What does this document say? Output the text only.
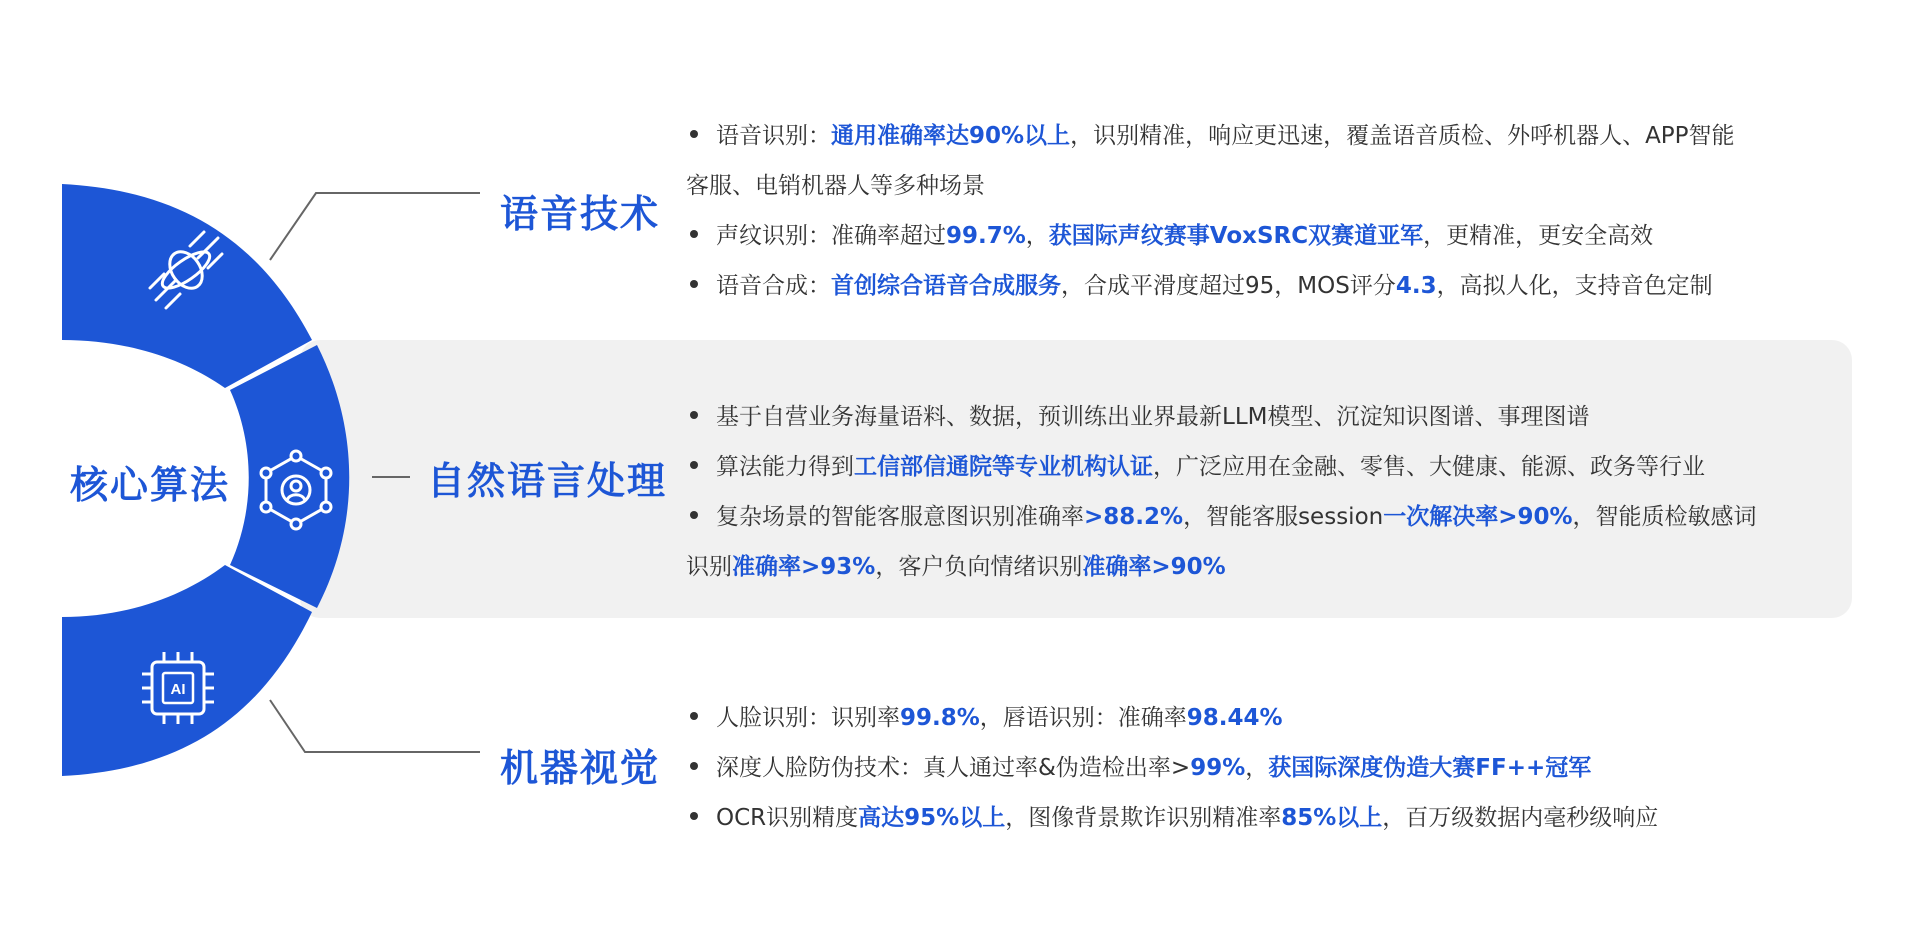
AI
核心算法
语音技术
自然语言处理
机器视觉
语音识别：通用准确率达90%以上，识别精准，响应更迅速，覆盖语音质检、外呼机器人、APP智能
客服、电销机器人等多种场景
声纹识别：准确率超过99.7%，获国际声纹赛事VoxSRC双赛道亚军，更精准，更安全高效
语音合成：首创综合语音合成服务，合成平滑度超过95，MOS评分4.3，高拟人化，支持音色定制
基于自营业务海量语料、数据，预训练出业界最新LLM模型、沉淀知识图谱、事理图谱
算法能力得到工信部信通院等专业机构认证，广泛应用在金融、零售、大健康、能源、政务等行业
复杂场景的智能客服意图识别准确率>88.2%，智能客服session一次解决率>90%，智能质检敏感词
识别准确率>93%，客户负向情绪识别准确率>90%
人脸识别：识别率99.8%，唇语识别：准确率98.44%
深度人脸防伪技术：真人通过率&伪造检出率>99%，获国际深度伪造大赛FF++冠军
OCR识别精度高达95%以上，图像背景欺诈识别精准率85%以上，百万级数据内毫秒级响应
